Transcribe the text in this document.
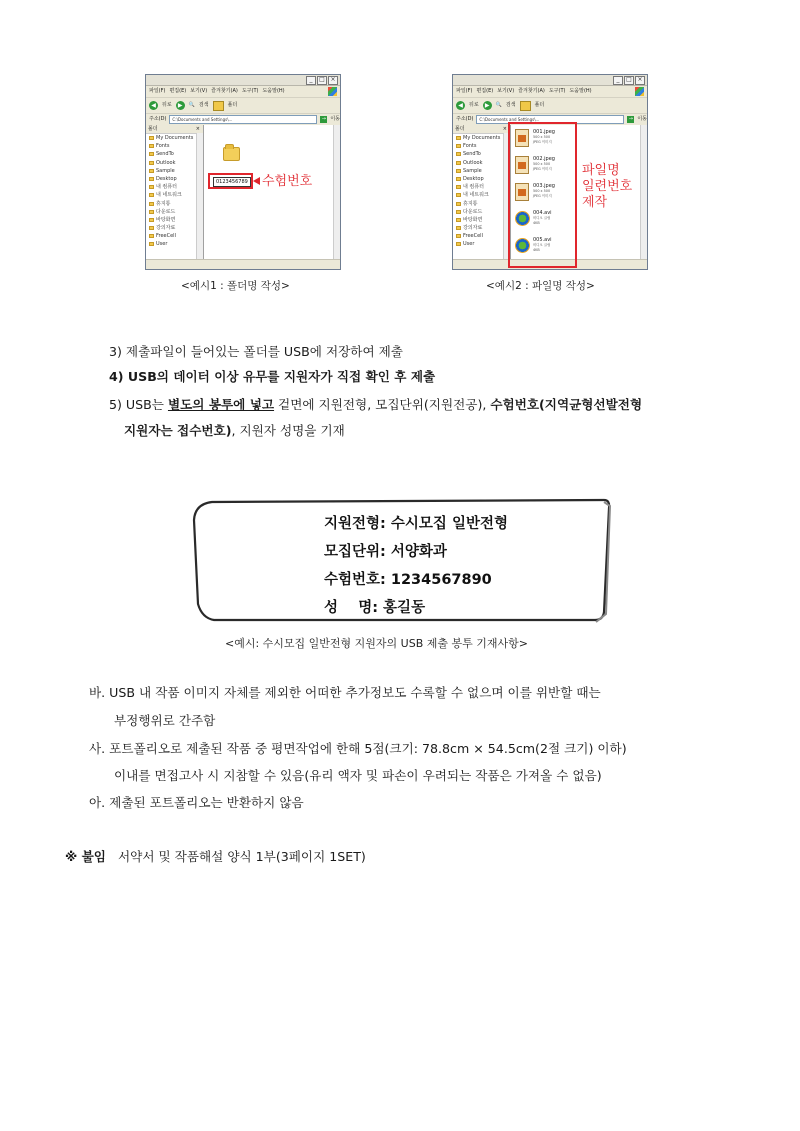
_	□ ×
파일(F) 편집(E) 보기(V) 즐겨찾기(A) 도구(T) 도움말(H)
◀	뒤로	▶	🔍 검색	폴더
주소(D)	C:\Documents and Settings\...	→ 이동
폴더	×
My Documents
Fonts
SendTo
Outlook
Sample
Desktop
내 컴퓨터
내 네트워크
휴지통
다운로드
바탕화면
강의자료
FreeCell
User
0123456789 수험번호
<예시1 : 폴더명 작성>
_	□ ×
파일(F) 편집(E) 보기(V) 즐겨찾기(A) 도구(T) 도움말(H)
◀	뒤로	▶	🔍 검색	폴더
주소(D)	C:\Documents and Settings\...	→ 이동
폴더	×
My Documents
Fonts
SendTo
Outlook
Sample
Desktop
내 컴퓨터
내 네트워크
휴지통
다운로드
바탕화면
강의자료
FreeCell
User
001.jpeg
500 x 500
JPEG 이미지
002.jpeg
500 x 500
JPEG 이미지
003.jpeg
500 x 500
JPEG 이미지
004.avi
비디오 클립
4KB
005.avi
비디오 클립
4KB
파일명
일련번호
제작
<예시2 : 파일명 작성>
3) 제출파일이 들어있는 폴더를 USB에 저장하여 제출
4) USB의 데이터 이상 유무를 지원자가 직접 확인 후 제출
5) USB는 별도의 봉투에 넣고 겉면에 지원전형, 모집단위(지원전공), 수험번호(지역균형선발전형
지원자는 접수번호), 지원자 성명을 기재
지원전형: 수시모집 일반전형
모집단위: 서양화과
수험번호: 1234567890
성    명: 홍길동
<예시: 수시모집 일반전형 지원자의 USB 제출 봉투 기재사항>
바. USB 내 작품 이미지 자체를 제외한 어떠한 추가정보도 수록할 수 없으며 이를 위반할 때는
부정행위로 간주함
사. 포트폴리오로 제출된 작품 중 평면작업에 한해 5점(크기: 78.8cm × 54.5cm(2절 크기) 이하)
이내를 면접고사 시 지참할 수 있음(유리 액자 및 파손이 우려되는 작품은 가져올 수 없음)
아. 제출된 포트폴리오는 반환하지 않음
※ 불임 서약서 및 작품해설 양식 1부(3페이지 1SET)
